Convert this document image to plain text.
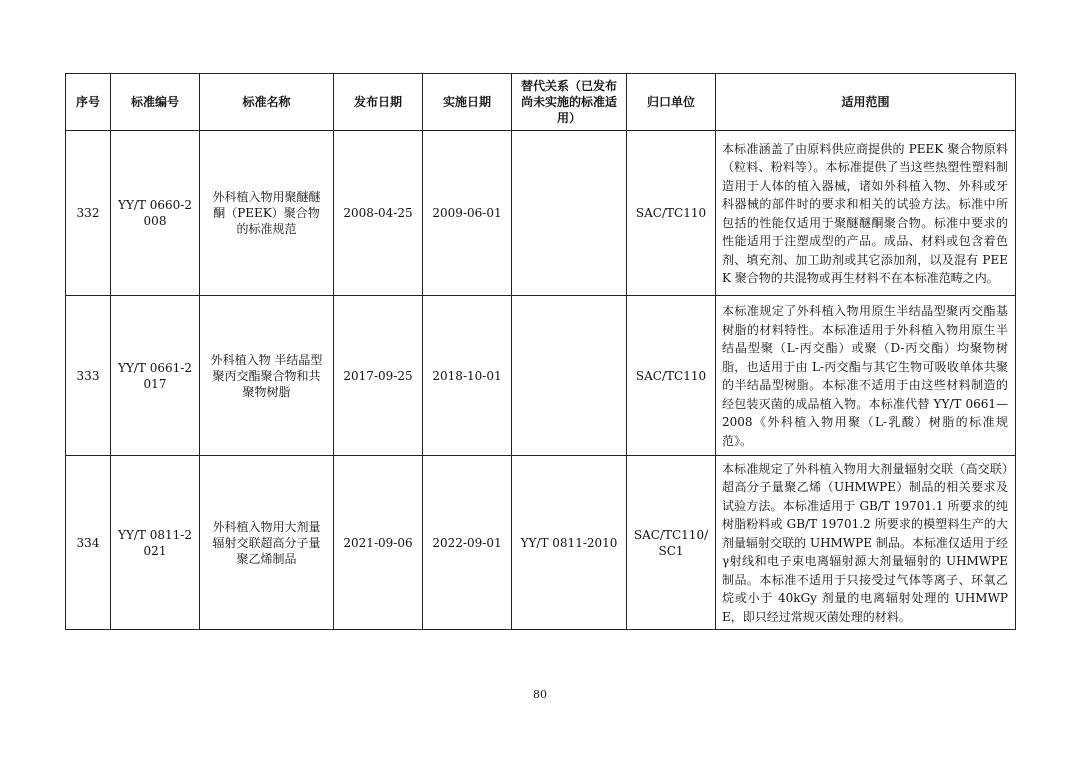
序号	标准编号	标准名称	发布日期	实施日期	替代关系（已发布尚未实施的标准适用）	归口单位	适用范围

332	YY/T 0660-2008	外科植入物用聚醚醚酮（PEEK）聚合物的标准规范	2008-04-25	2009-06-01		SAC/TC110	本标准涵盖了由原料供应商提供的 PEEK 聚合物原料（粒料、粉料等）。本标准提供了当这些热塑性塑料制造用于人体的植入器械，诸如外科植入物、外科或牙科器械的部件时的要求和相关的试验方法。标准中所包括的性能仅适用于聚醚醚酮聚合物。标准中要求的性能适用于注塑成型的产品。成品、材料或包含着色剂、填充剂、加工助剂或其它添加剂，以及混有 PEEK 聚合物的共混物或再生材料不在本标准范畴之内。

333	YY/T 0661-2017	外科植入物 半结晶型聚丙交酯聚合物和共聚物树脂	2017-09-25	2018-10-01		SAC/TC110	本标准规定了外科植入物用原生半结晶型聚丙交酯基树脂的材料特性。本标准适用于外科植入物用原生半结晶型聚（L-丙交酯）或聚（D-丙交酯）均聚物树脂，也适用于由 L-丙交酯与其它生物可吸收单体共聚的半结晶型树脂。本标准不适用于由这些材料制造的经包装灭菌的成品植入物。本标准代替 YY/T 0661—2008《外科植入物用聚（L-乳酸）树脂的标准规范》。

334	YY/T 0811-2021	外科植入物用大剂量辐射交联超高分子量聚乙烯制品	2021-09-06	2022-09-01	YY/T 0811-2010	SAC/TC110/SC1	本标准规定了外科植入物用大剂量辐射交联（高交联）超高分子量聚乙烯（UHMWPE）制品的相关要求及试验方法。本标准适用于 GB/T 19701.1 所要求的纯树脂粉料或 GB/T 19701.2 所要求的模塑料生产的大剂量辐射交联的 UHMWPE 制品。本标准仅适用于经γ射线和电子束电离辐射源大剂量辐射的 UHMWPE 制品。本标准不适用于只接受过气体等离子、环氧乙烷或小于 40kGy 剂量的电离辐射处理的 UHMWPE，即只经过常规灭菌处理的材料。
80
